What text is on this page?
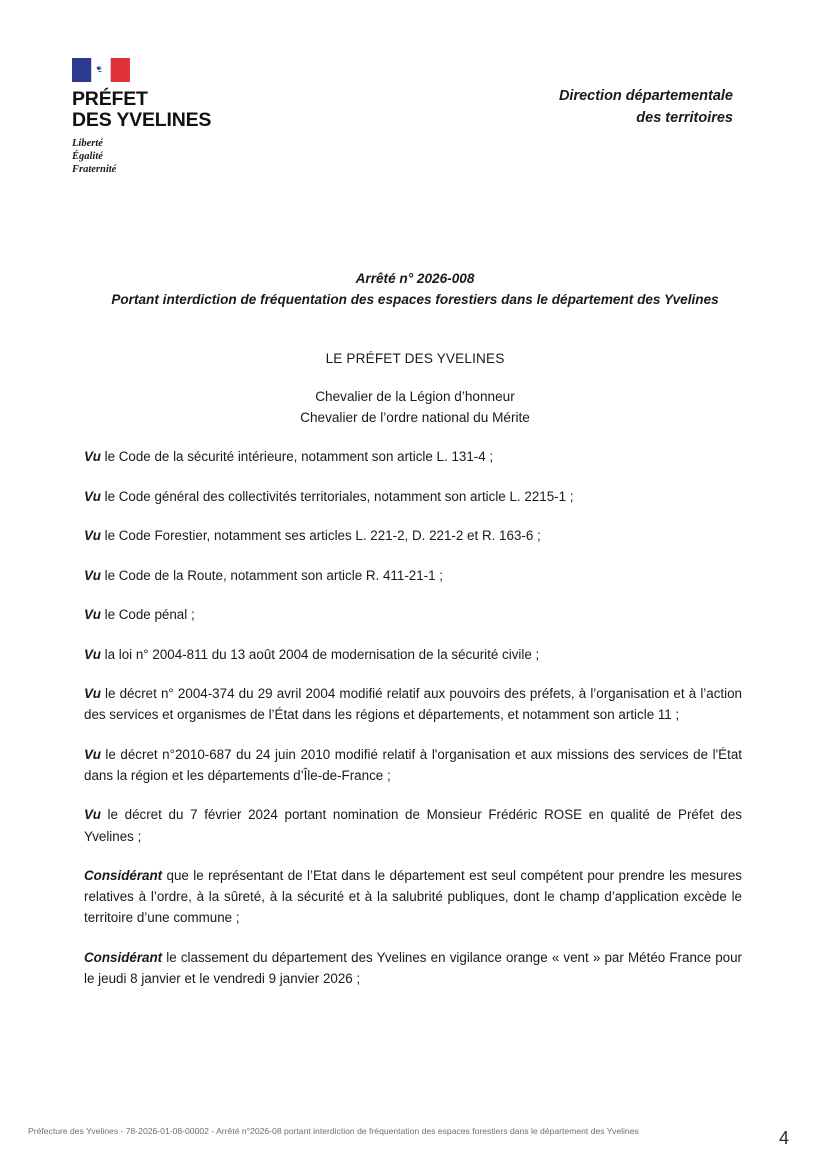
PRÉFET
DES YVELINES
Liberté
Égalité
Fraternité
Direction départementale
des territoires
Arrêté n° 2026-008
Portant interdiction de fréquentation des espaces forestiers dans le département des Yvelines
LE PRÉFET DES YVELINES
Chevalier de la Légion d’honneur
Chevalier de l’ordre national du Mérite

Vu le Code de la sécurité intérieure, notamment son article L. 131-4 ;

Vu le Code général des collectivités territoriales, notamment son article L. 2215-1 ;

Vu le Code Forestier, notamment ses articles L. 221-2, D. 221-2 et R. 163-6 ;

Vu le Code de la Route, notamment son article R. 411-21-1 ;

Vu le Code pénal ;

Vu la loi n° 2004-811 du 13 août 2004 de modernisation de la sécurité civile ;

Vu le décret n° 2004-374 du 29 avril 2004 modifié relatif aux pouvoirs des préfets, à l’organisation et à l’action des services et organismes de l’État dans les régions et départements, et notamment son article 11 ;

Vu le décret n°2010-687 du 24 juin 2010 modifié relatif à l'organisation et aux missions des services de l'État dans la région et les départements d’Île-de-France ;

Vu le décret du 7 février 2024 portant nomination de Monsieur Frédéric ROSE en qualité de Préfet des Yvelines ;

Considérant que le représentant de l’Etat dans le département est seul compétent pour prendre les mesures relatives à l’ordre, à la sûreté, à la sécurité et à la salubrité publiques, dont le champ d’application excède le territoire d’une commune ;

Considérant le classement du département des Yvelines en vigilance orange « vent » par Météo France pour le jeudi 8 janvier et le vendredi 9 janvier 2026 ;

Préfecture des Yvelines - 78-2026-01-08-00002 - Arrêté n°2026-08 portant interdiction de fréquentation des espaces forestiers dans le département des Yvelines	4
